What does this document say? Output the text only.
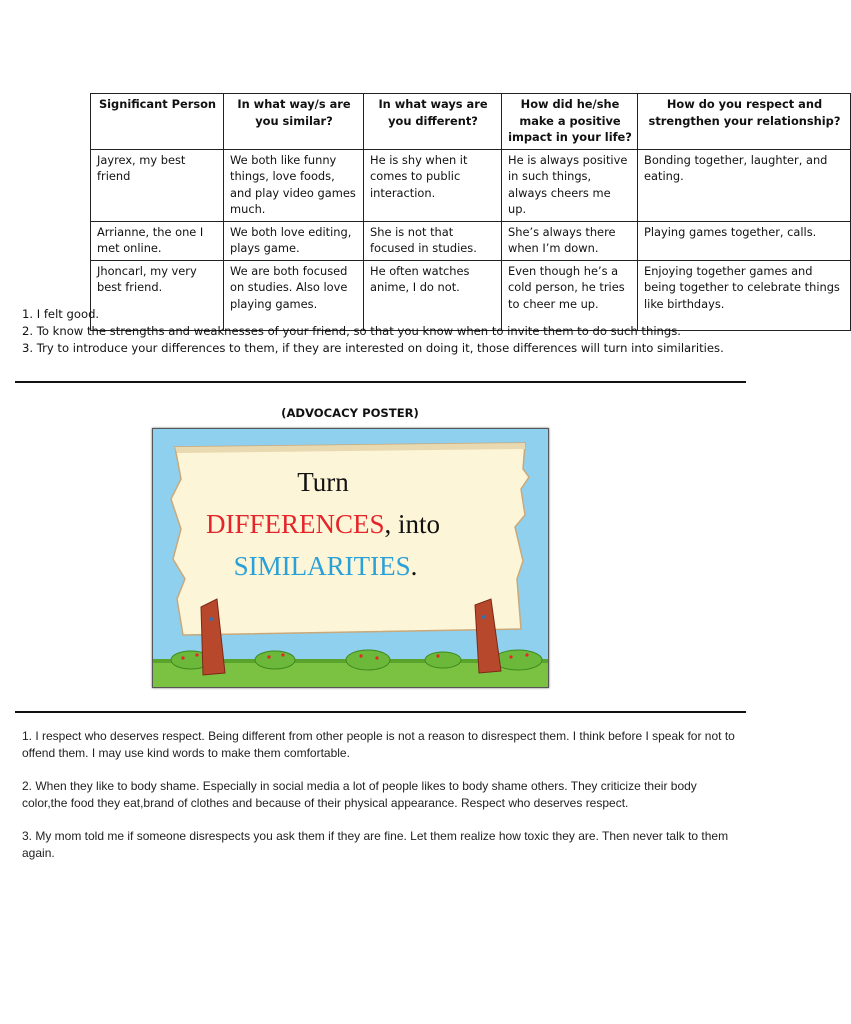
Significant Person	In what way/s are you similar?	In what ways are you different?	How did he/she make a positive impact in your life?	How do you respect and strengthen your relationship?
Jayrex, my best friend	We both like funny things, love foods, and play video games much.	He is shy when it comes to public interaction.	He is always positive in such things, always cheers me up.	Bonding together, laughter, and eating.
Arrianne, the one I met online.	We both love editing, plays game.	She is not that focused in studies.	She’s always there when I’m down.	Playing games together, calls.
Jhoncarl, my very best friend.	We are both focused on studies. Also love playing games.	He often watches anime, I do not.	Even though he’s a cold person, he tries to cheer me up.	Enjoying together games and being together to celebrate things like birthdays.

1. I felt good.

2. To know the strengths and weaknesses of your friend, so that you know when to invite them to do such things.

3. Try to introduce your differences to them, if they are interested on doing it, those differences will turn into similarities.

(ADVOCACY POSTER)
Turn
DIFFERENCES, into
SIMILARITIES.

1. I respect who deserves respect. Being different from other people is not a reason to disrespect them. I think before I speak for not to offend them. I may use kind words to make them comfortable.

2. When they like to body shame. Especially in social media a lot of people likes to body shame others. They criticize their body color,the food they eat,brand of clothes and because of their physical appearance. Respect who deserves respect.

3. My mom told me if someone disrespects you ask them if they are fine. Let them realize how toxic they are. Then never talk to them again.
